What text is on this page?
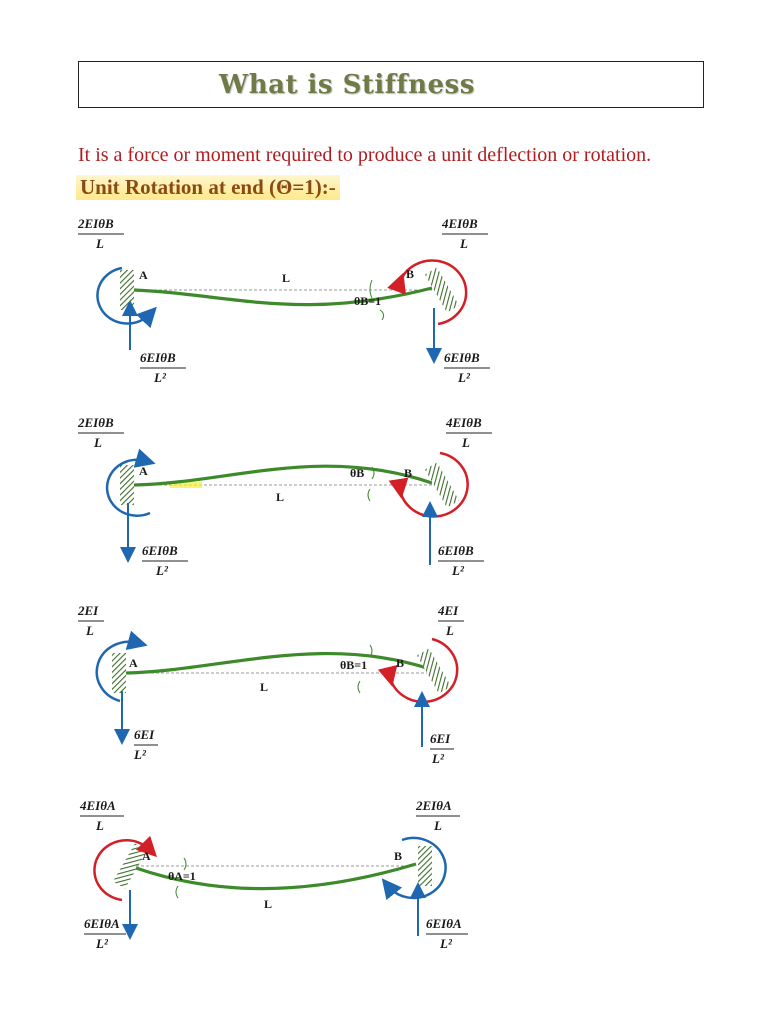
What is Stiffness
It is a force or moment required to produce a unit deflection or rotation.
Unit Rotation at end (Θ=1):-
2EIθB
L
4EIθB
L
A	L
θB=1
B
6EIθB
L²
6EIθB
L²
2EIθB
L
4EIθB
L
A
L
θB	B
6EIθB
L²
6EIθB
L²
2EI
L
4EI
L
A
L
θB=1 B
6EI
L²
6EI
L²
4EIθA
L
2EIθA
L
A
L
θA=1
B
6EIθA
L²
6EIθA
L²
